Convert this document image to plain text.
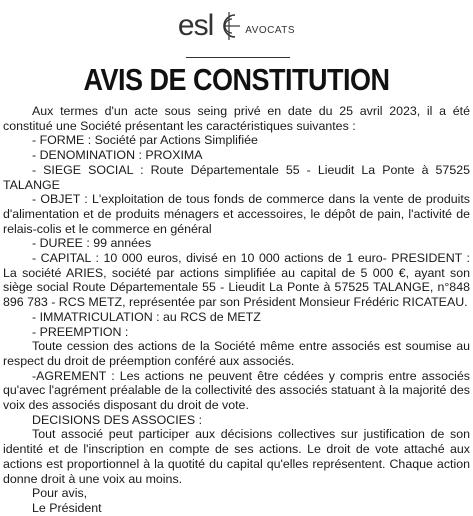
esl	AVOCATS
AVIS DE CONSTITUTION

Aux termes d'un acte sous seing privé en date du 25 avril 2023, il a été constitué une Société présentant les caractéristiques suivantes :

- FORME : Société par Actions Simplifiée

- DENOMINATION : PROXIMA

- SIEGE SOCIAL : Route Départementale 55 - Lieudit La Ponte à 57525 TALANGE

- OBJET : L'exploitation de tous fonds de commerce dans la vente de produits d'alimentation et de produits ménagers et accessoires, le dépôt de pain, l'activité de relais-colis et le commerce en général

- DUREE : 99 années

- CAPITAL : 10 000 euros, divisé en 10 000 actions de 1 euro- PRESIDENT : La société ARIES, société par actions simplifiée au capital de 5 000 €, ayant son siège social Route Départementale 55 - Lieudit La Ponte à 57525 TALANGE, n°848 896 783 - RCS METZ, représentée par son Président Monsieur Frédéric RICATEAU.

- IMMATRICULATION : au RCS de METZ

- PREEMPTION :

Toute cession des actions de la Société même entre associés est soumise au respect du droit de préemption conféré aux associés.

-AGREMENT : Les actions ne peuvent être cédées y compris entre associés qu'avec l'agrément préalable de la collectivité des associés statuant à la majorité des voix des associés disposant du droit de vote.

DECISIONS DES ASSOCIES :

Tout associé peut participer aux décisions collectives sur justification de son identité et de l'inscription en compte de ses actions. Le droit de vote attaché aux actions est proportionnel à la quotité du capital qu'elles représentent. Chaque action donne droit à une voix au moins.

Pour avis,

Le Président
